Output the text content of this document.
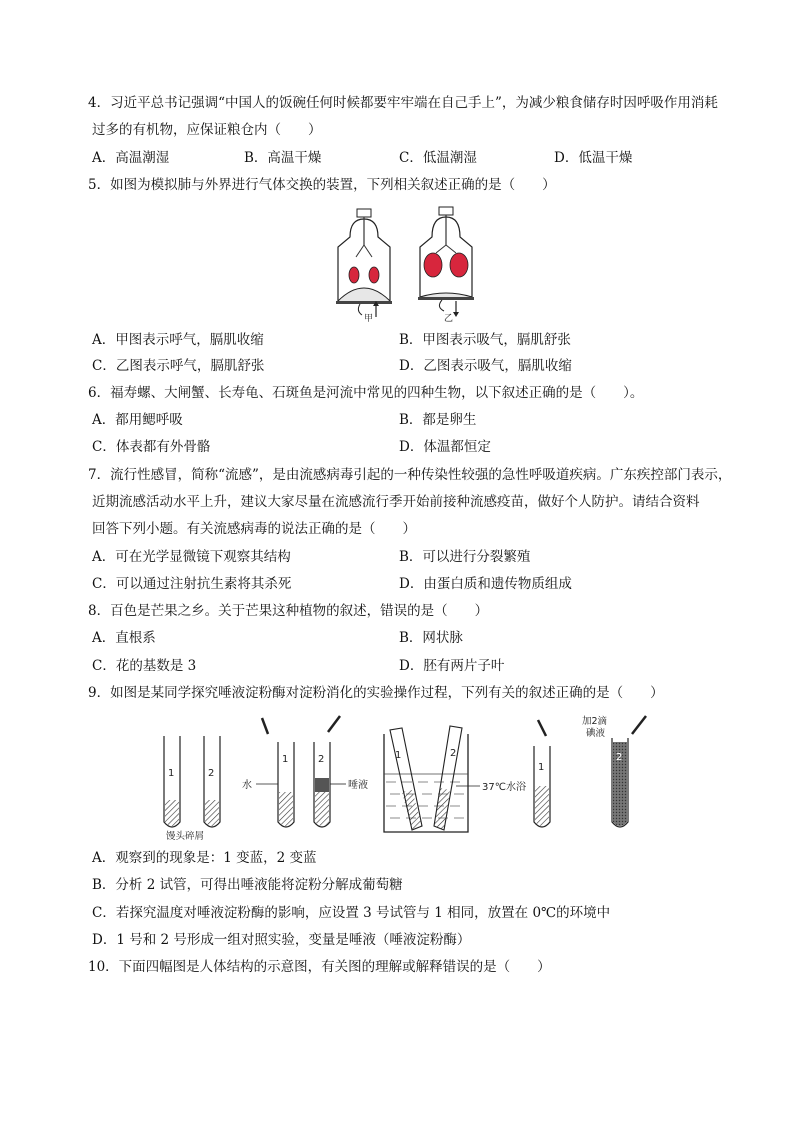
4．习近平总书记强调“中国人的饭碗任何时候都要牢牢端在自己手上”，为减少粮食储存时因呼吸作用消耗
过多的有机物，应保证粮仓内（　　）
A．高温潮湿	B．高温干燥	C．低温潮湿	D．低温干燥
5．如图为模拟肺与外界进行气体交换的装置，下列相关叙述正确的是（　　）
甲	乙
A．甲图表示呼气，膈肌收缩	B．甲图表示吸气，膈肌舒张
C．乙图表示呼气，膈肌舒张	D．乙图表示吸气，膈肌收缩
6．福寿螺、大闸蟹、长寿龟、石斑鱼是河流中常见的四种生物，以下叙述正确的是（　　）。
A．都用鳃呼吸	B．都是卵生
C．体表都有外骨骼	D．体温都恒定
7．流行性感冒，简称“流感”，是由流感病毒引起的一种传染性较强的急性呼吸道疾病。广东疾控部门表示，
近期流感活动水平上升，建议大家尽量在流感流行季开始前接种流感疫苗，做好个人防护。请结合资料
回答下列小题。有关流感病毒的说法正确的是（　　）
A．可在光学显微镜下观察其结构	B．可以进行分裂繁殖
C．可以通过注射抗生素将其杀死	D．由蛋白质和遗传物质组成
8．百色是芒果之乡。关于芒果这种植物的叙述，错误的是（　　）
A．直根系	B．网状脉
C．花的基数是 3	D．胚有两片子叶
9．如图是某同学探究唾液淀粉酶对淀粉消化的实验操作过程，下列有关的叙述正确的是（　　）
1	2
馒头碎屑
1
水
2
唾液
1	2
37℃水浴
1
2
加2滴
碘液
A．观察到的现象是：1 变蓝，2 变蓝
B．分析 2 试管，可得出唾液能将淀粉分解成葡萄糖
C．若探究温度对唾液淀粉酶的影响，应设置 3 号试管与 1 相同，放置在 0℃的环境中
D．1 号和 2 号形成一组对照实验，变量是唾液（唾液淀粉酶）
10．下面四幅图是人体结构的示意图，有关图的理解或解释错误的是（　　）
